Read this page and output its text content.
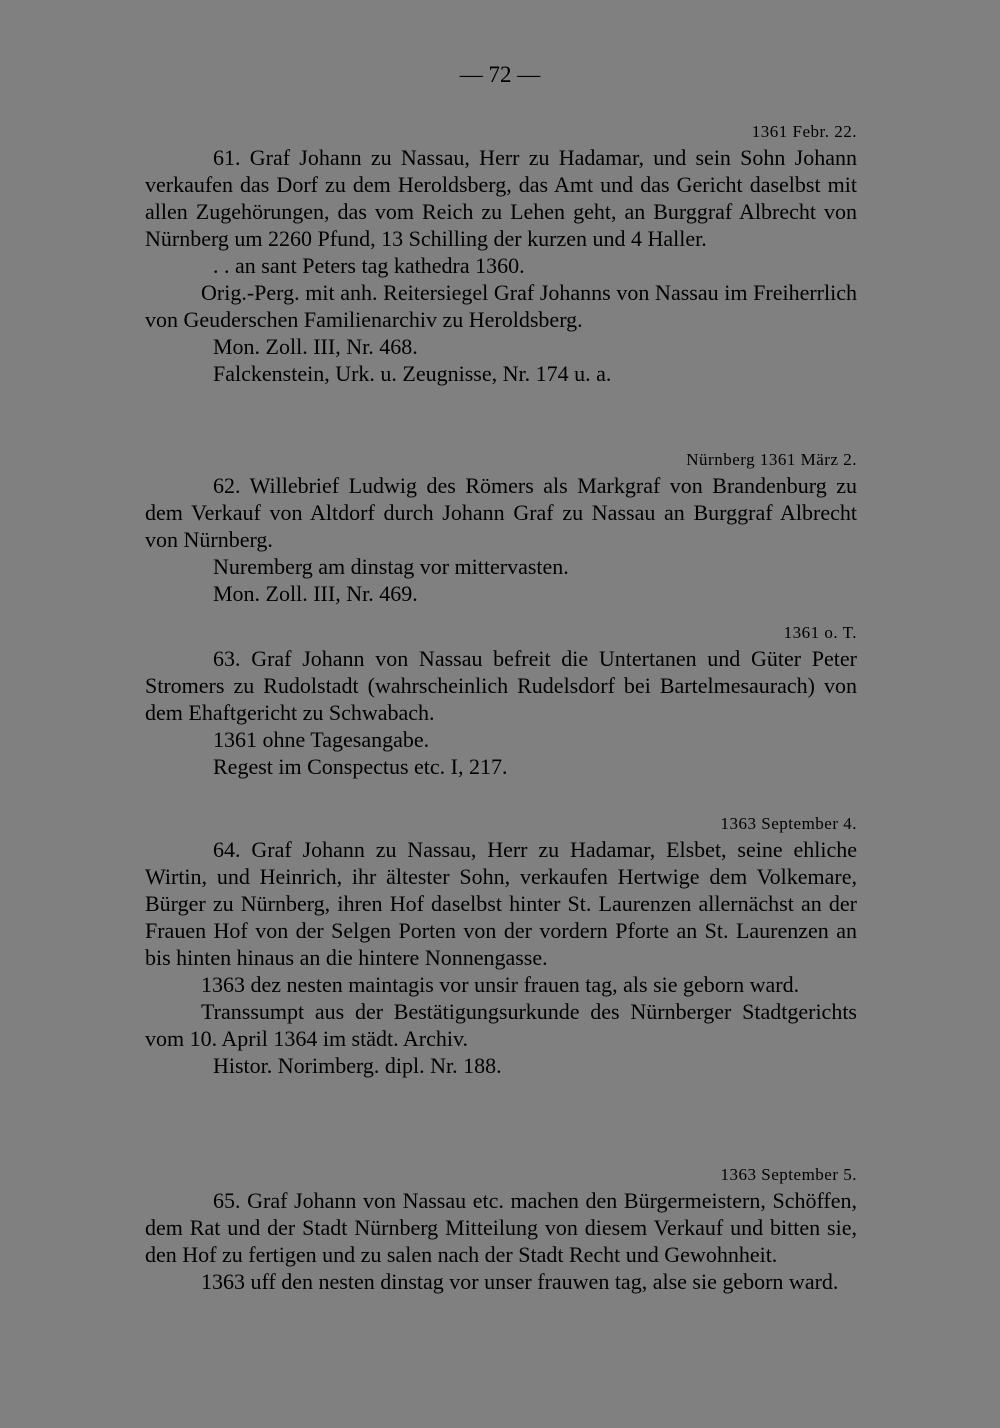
— 72 —
1361 Febr. 22.

61. Graf Johann zu Nassau, Herr zu Hadamar, und sein Sohn Johann verkaufen das Dorf zu dem Heroldsberg, das Amt und das Gericht daselbst mit allen Zugehörungen, das vom Reich zu Lehen geht, an Burggraf Albrecht von Nürnberg um 2260 Pfund, 13 Schilling der kurzen und 4 Haller.

. . an sant Peters tag kathedra 1360.

Orig.-Perg. mit anh. Reitersiegel Graf Johanns von Nassau im Freiherrlich von Geuderschen Familienarchiv zu Heroldsberg.

Mon. Zoll. III, Nr. 468.

Falckenstein, Urk. u. Zeugnisse, Nr. 174 u. a.

Nürnberg 1361 März 2.

62. Willebrief Ludwig des Römers als Markgraf von Brandenburg zu dem Verkauf von Altdorf durch Johann Graf zu Nassau an Burggraf Albrecht von Nürnberg.

Nuremberg am dinstag vor mittervasten.

Mon. Zoll. III, Nr. 469.

1361 o. T.

63. Graf Johann von Nassau befreit die Untertanen und Güter Peter Stromers zu Rudolstadt (wahrscheinlich Rudelsdorf bei Bartelmesaurach) von dem Ehaftgericht zu Schwabach.

1361 ohne Tagesangabe.

Regest im Conspectus etc. I, 217.

1363 September 4.

64. Graf Johann zu Nassau, Herr zu Hadamar, Elsbet, seine ehliche Wirtin, und Heinrich, ihr ältester Sohn, verkaufen Hertwige dem Volkemare, Bürger zu Nürnberg, ihren Hof daselbst hinter St. Laurenzen allernächst an der Frauen Hof von der Selgen Porten von der vordern Pforte an St. Laurenzen an bis hinten hinaus an die hintere Nonnengasse.

1363 dez nesten maintagis vor unsir frauen tag, als sie geborn ward.

Transsumpt aus der Bestätigungsurkunde des Nürnberger Stadtgerichts vom 10. April 1364 im städt. Archiv.

Histor. Norimberg. dipl. Nr. 188.

1363 September 5.

65. Graf Johann von Nassau etc. machen den Bürgermeistern, Schöffen, dem Rat und der Stadt Nürnberg Mitteilung von diesem Verkauf und bitten sie, den Hof zu fertigen und zu salen nach der Stadt Recht und Gewohnheit.

1363 uff den nesten dinstag vor unser frauwen tag, alse sie geborn ward.
